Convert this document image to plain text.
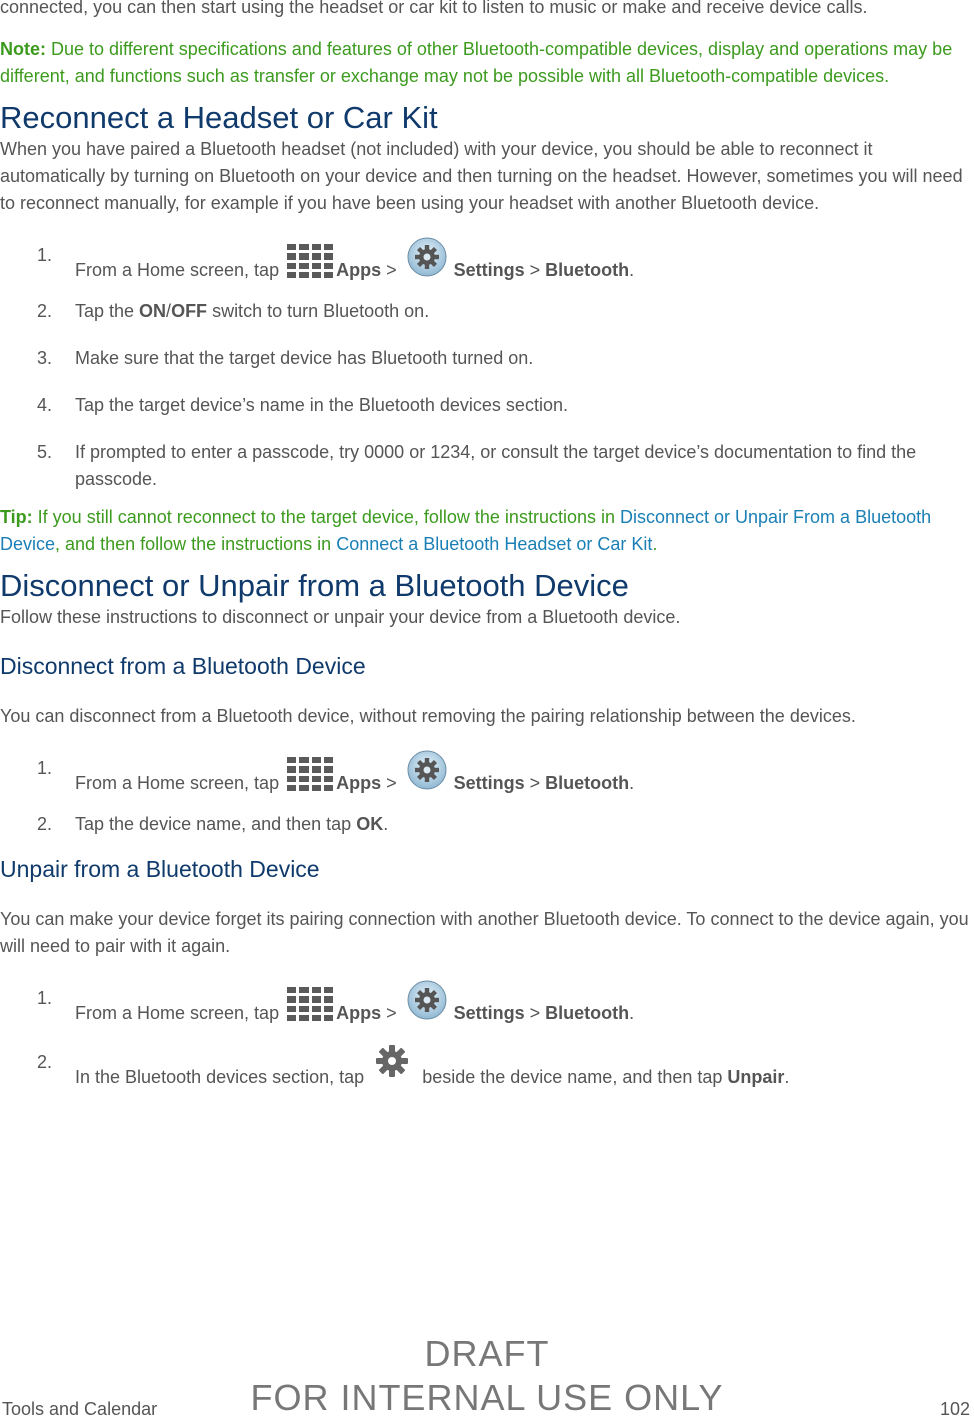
connected, you can then start using the headset or car kit to listen to music or make and receive device calls.

Note: Due to different specifications and features of other Bluetooth-compatible devices, display and operations may be different, and functions such as transfer or exchange may not be possible with all Bluetooth-compatible devices.

Reconnect a Headset or Car Kit

When you have paired a Bluetooth headset (not included) with your device, you should be able to reconnect it automatically by turning on Bluetooth on your device and then turning on the headset. However, sometimes you will need to reconnect manually, for example if you have been using your headset with another Bluetooth device.

1.
From a Home screen, tap	Apps >	Settings > Bluetooth.
2. Tap the ON/OFF switch to turn Bluetooth on.
3. Make sure that the target device has Bluetooth turned on.
4. Tap the target device’s name in the Bluetooth devices section.
5. If prompted to enter a passcode, try 0000 or 1234, or consult the target device’s documentation to find the passcode.

Tip: If you still cannot reconnect to the target device, follow the instructions in Disconnect or Unpair From a Bluetooth Device, and then follow the instructions in Connect a Bluetooth Headset or Car Kit.

Disconnect or Unpair from a Bluetooth Device

Follow these instructions to disconnect or unpair your device from a Bluetooth device.

Disconnect from a Bluetooth Device

You can disconnect from a Bluetooth device, without removing the pairing relationship between the devices.

1.
From a Home screen, tap	Apps >	Settings > Bluetooth.
2. Tap the device name, and then tap OK.
Unpair from a Bluetooth Device

You can make your device forget its pairing connection with another Bluetooth device. To connect to the device again, you will need to pair with it again.

1.
From a Home screen, tap	Apps >	Settings > Bluetooth.
2.
In the Bluetooth devices section, tap	beside the device name, and then tap Unpair.
DRAFT
FOR INTERNAL USE ONLY
Tools and Calendar	102
